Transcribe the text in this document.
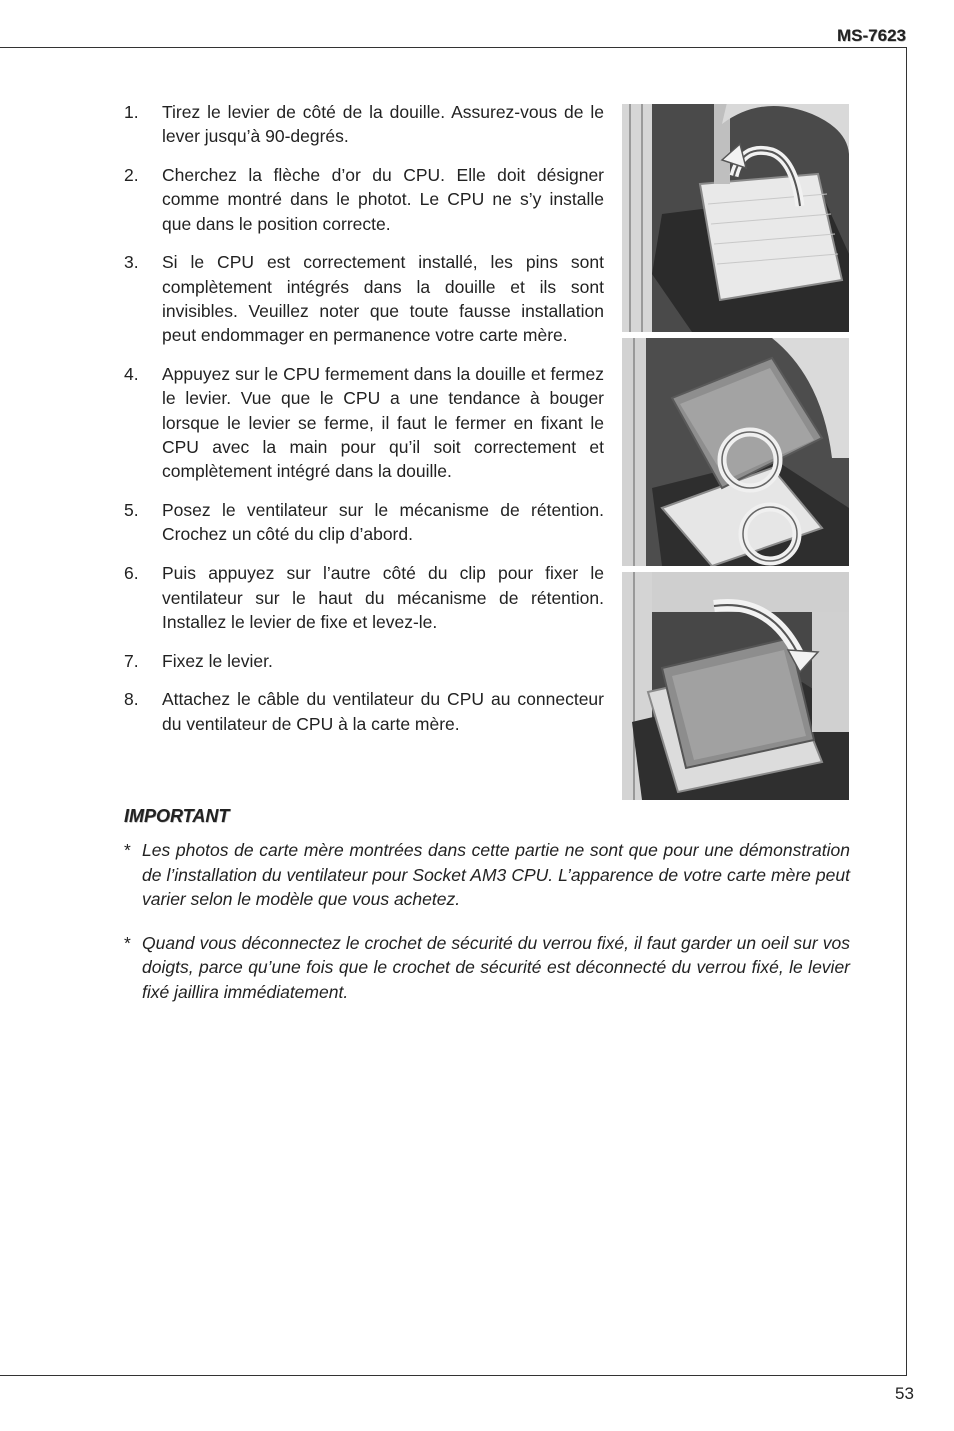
MS-7623
1.	Tirez le levier de côté de la douille. Assurez-vous de le lever jusqu’à 90-degrés.
2.	Cherchez la flèche d’or du CPU. Elle doit désigner comme montré dans le photot. Le CPU ne s’y installe que dans le position correcte.
3.	Si le CPU est correctement installé, les pins sont complètement intégrés dans la douille et ils sont invisibles. Veuillez noter que toute fausse installation peut endommager en permanence votre carte mère.
4.	Appuyez sur le CPU fermement dans la douille et fermez le levier. Vue que le CPU a une tendance à bouger lorsque le levier se ferme, il faut le fermer en fixant le CPU avec la main pour qu’il soit correctement et complètement intégré dans la douille.
5.	Posez le ventilateur sur le mécanisme de rétention. Crochez un côté du clip d’abord.
6.	Puis appuyez sur l’autre côté du clip pour fixer le ventilateur sur le haut du mécanisme de rétention. Installez le levier de fixe et levez-le.
7.	Fixez le levier.
8.	Attachez le câble du ventilateur du CPU au connecteur du ventilateur de CPU à la carte mère.
IMPORTANT
* Les photos de carte mère montrées dans cette partie ne sont que pour une démonstration de l’installation du ventilateur pour Socket AM3 CPU. L’apparence de votre carte mère peut varier selon le modèle que vous achetez.
* Quand vous déconnectez le crochet de sécurité du verrou fixé, il faut garder un oeil sur vos doigts, parce qu’une fois que le crochet de sécurité est déconnecté du verrou fixé, le levier fixé jaillira immédiatement.
53
